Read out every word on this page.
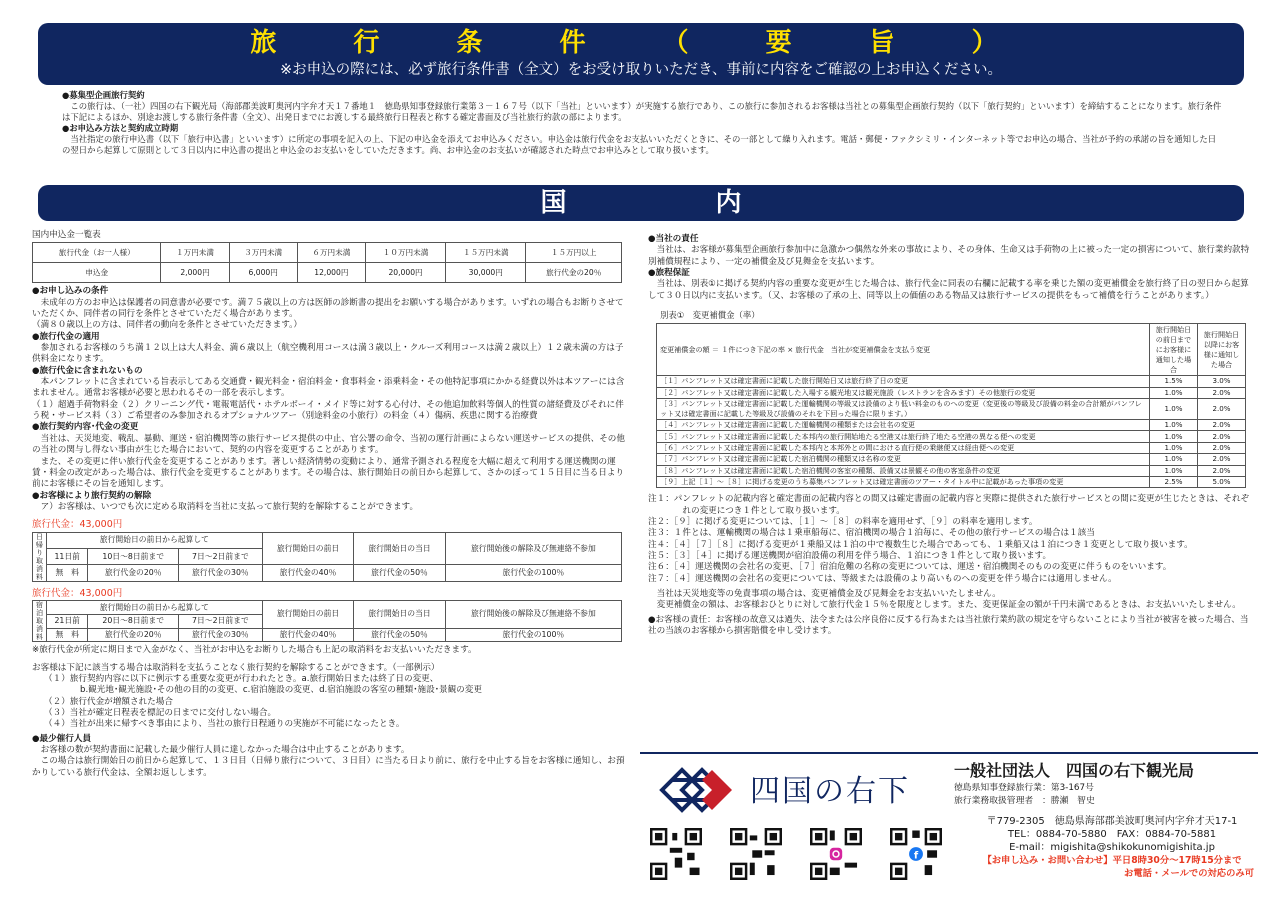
旅 行 条 件 （ 要 旨 ）
※お申込の際には、必ず旅行条件書（全文）をお受け取りいただき、事前に内容をご確認の上お申込ください。
●募集型企画旅行契約
この旅行は、（一社）四国の右下観光局（海部郡美波町奥河内字弁才天１７番地１　徳島県知事登録旅行業第３－１６７号（以下「当社」といいます）が実施する旅行であり、この旅行に参加されるお客様は当社との募集型企画旅行契約（以下「旅行契約」といいます）を締結することになります。旅行条件は下記によるほか、別途お渡しする旅行条件書（全文）、出発日までにお渡しする最終旅行日程表と称する確定書面及び当社旅行約款の部によります。
●お申込み方法と契約成立時期
当社指定の旅行申込書（以下「旅行申込書」といいます）に所定の事項を記入の上、下記の申込金を添えてお申込みください。申込金は旅行代金をお支払いいただくときに、その一部として繰り入れます。電話・郵便・ファクシミリ・インターネット等でお申込の場合、当社が予約の承諾の旨を通知した日の翌日から起算して原則として３日以内に申込書の提出と申込金のお支払いをしていただきます。尚、お申込金のお支払いが確認された時点でお申込みとして取り扱います。
国 内
国内申込金一覧表
旅行代金（お一人様）	１万円未満	３万円未満	６万円未満	１０万円未満	１５万円未満	１５万円以上
申込金	2,000円	6,000円	12,000円	20,000円	30,000円	旅行代金の20％
●お申し込みの条件
未成年の方のお申込は保護者の同意書が必要です。満７５歳以上の方は医師の診断書の提出をお願いする場合があります。いずれの場合もお断りさせていただくか、同伴者の同行を条件とさせていただく場合があります。
（満８０歳以上の方は、同伴者の動向を条件とさせていただきます。）
●旅行代金の適用
参加されるお客様のうち満１２以上は大人料金、満６歳以上（航空機利用コースは満３歳以上・クルーズ利用コースは満２歳以上）１２歳未満の方は子供料金になります。
●旅行代金に含まれないもの
本パンフレットに含まれている旨表示してある交通費・観光料金・宿泊料金・食事料金・添乗料金・その他特記事項にかかる経費以外は本ツアーには含まれません。通常お客様が必要と思われるその一部を表示します。
（１）超過手荷物料金（２）クリーニング代・電報電話代・ホテルボーイ・メイド等に対する心付け、その他追加飲料等個人的性質の諸経費及びそれに伴う税・サービス料（３）ご希望者のみ参加されるオプショナルツアー（別途料金の小旅行）の料金（４）傷病、疾患に関する治療費
●旅行契約内容･代金の変更
当社は、天災地変、戦乱、暴動、運送・宿泊機関等の旅行サービス提供の中止、官公署の命令、当初の運行計画によらない運送サービスの提供、その他の当社の関与し得ない事由が生じた場合において、契約の内容を変更することがあります。
また、その変更に伴い旅行代金を変更することがあります。著しい経済情勢の変動により、通常予測される程度を大幅に超えて利用する運送機関の運賃・料金の改定があった場合は、旅行代金を変更することがあります。その場合は、旅行開始日の前日から起算して、さかのぼって１５日目に当る日より前にお客様にその旨を通知します。
●お客様により旅行契約の解除
ア）お客様は、いつでも次に定める取消料を当社に支払って旅行契約を解除することができます。
旅行代金：43,000円
日帰り取消料	旅行開始日の前日から起算して			旅行開始日の前日	旅行開始日の当日	旅行開始後の解除及び無連絡不参加
	11日前	10日〜8日前まで	7日〜2日前まで			
	無　料	旅行代金の20％	旅行代金の30％	旅行代金の40％	旅行代金の50％	旅行代金の100％
旅行代金：43,000円
宿泊取消料	旅行開始日の前日から起算して			旅行開始日の前日	旅行開始日の当日	旅行開始後の解除及び無連絡不参加
	21日前	20日〜8日前まで	7日〜2日前まで			
	無　料	旅行代金の20％	旅行代金の30％	旅行代金の40％	旅行代金の50％	旅行代金の100％
※旅行代金が所定に期日まで入金がなく、当社がお申込をお断りした場合も上記の取消料をお支払いいただきます。
お客様は下記に該当する場合は取消料を支払うことなく旅行契約を解除することができます。（一部例示）
（１）旅行契約内容に以下に例示する重要な変更が行われたとき。a.旅行開始日または終了日の変更、
b.観光地･観光施設･その他の目的の変更、c.宿泊施設の変更、d.宿泊施設の客室の種類･施設･景観の変更
（２）旅行代金が増額された場合
（３）当社が確定日程表を標記の日までに交付しない場合。
（４）当社が出来に帰すべき事由により、当社の旅行日程通りの実施が不可能になったとき。
●最少催行人員
お客様の数が契約書面に記載した最少催行人員に達しなかった場合は中止することがあります。
この場合は旅行開始日の前日から起算して、１３日目（日帰り旅行について、３日目）に当たる日より前に、旅行を中止する旨をお客様に通知し、お預かりしている旅行代金は、全額お返しします。
●当社の責任
当社は、お客様が募集型企画旅行参加中に急激かつ偶然な外来の事故により、その身体、生命又は手荷物の上に被った一定の損害について、旅行業約款特別補償規程により、一定の補償金及び見舞金を支払います。
●旅程保証
当社は、別表①に掲げる契約内容の重要な変更が生じた場合は、旅行代金に同表の右欄に記載する率を乗じた額の変更補償金を旅行終了日の翌日から起算して３０日以内に支払います。（又、お客様の了承の上、同等以上の価値のある物品又は旅行サービスの提供をもって補償を行うことがあります。）
別表①　変更補償金（率）
変更補償金の額 ＝ １件につき下記の率 × 旅行代金　当社が変更補償金を支払う変更	旅行開始日の前日までにお客様に通知した場合	旅行開始日以降にお客様に通知した場合
［１］パンフレット又は確定書面に記載した旅行開始日又は旅行終了日の変更	1.5%	3.0%
［２］パンフレット又は確定書面に記載した入場する観光地又は観光施設（レストランを含みます）その他旅行の変更	1.0%	2.0%
［３］パンフレット又は確定書面に記載した運輸機関の等級又は設備のより低い料金のものへの変更（変更後の等級及び設備の料金の合計額がパンフレット又は確定書面に記載した等級及び設備のそれを下回った場合に限ります。）	1.0%	2.0%
［４］パンフレット又は確定書面に記載した運輸機関の種類または会社名の変更	1.0%	2.0%
［５］パンフレット又は確定書面に記載した本邦内の旅行開始地たる空港又は旅行終了地たる空港の異なる便への変更	1.0%	2.0%
［６］パンフレット又は確定書面に記載した本邦内と本邦外との間における直行便の乗継便又は経由便への変更	1.0%	2.0%
［７］パンフレット又は確定書面に記載した宿泊機関の種類又は名称の変更	1.0%	2.0%
［８］パンフレット又は確定書面に記載した宿泊機関の客室の種類、設備又は景観その他の客室条件の変更	1.0%	2.0%
［９］上記［１］〜［８］に掲げる変更のうち募集パンフレット又は確定書面のツアー・タイトル中に記載があった事項の変更	2.5%	5.0%
注１：パンフレットの記載内容と確定書面の記載内容との間又は確定書面の記載内容と実際に提供された旅行サービスとの間に変更が生じたときは、それぞれの変更につき１件として取り扱います。
注２：［９］に掲げる変更については、［１］〜［８］の料率を適用せず、［９］の料率を適用します。
注３：１件とは、運輸機関の場合は１乗車船毎に、宿泊機関の場合１泊毎に、その他の旅行サービスの場合は１該当
注４：［４］［７］［８］に掲げる変更が１乗船又は１泊の中で複数生じた場合であっても、１乗船又は１泊につき１変更として取り扱います。
注５：［３］［４］に掲げる運送機関が宿泊設備の利用を伴う場合、１泊につき１件として取り扱います。
注６：［４］運送機関の会社名の変更、［７］宿泊危難の名称の変更については、運送・宿泊機関そのものの変更に伴うものをいいます。
注７：［４］運送機関の会社名の変更については、等級または設備のより高いものへの変更を伴う場合には適用しません。
当社は天災地変等の免責事項の場合は、変更補償金及び見舞金をお支払いいたしません。
変更補償金の額は、お客様おひとりに対して旅行代金１５％を限度とします。また、変更保証金の額が千円未満であるときは、お支払いいたしません。
●お客様の責任：お客様の故意又は過失、法令または公序良俗に反する行為または当社旅行業約款の規定を守らないことにより当社が被害を被った場合、当社の当該のお客様から損害賠償を申し受けます。
四国の右下
一般社団法人　四国の右下観光局
徳島県知事登録旅行業：第3-167号
旅行業務取扱管理者　：勝瀬　智史
〒779-2305　徳島県海部郡美波町奥河内字弁才天17-1
TEL：0884-70-5880　FAX：0884-70-5881
E-mail：migishita@shikokunomigishita.jp
【お申し込み・お問い合わせ】平日8時30分〜17時15分まで
お電話・メールでの対応のみ可
f
